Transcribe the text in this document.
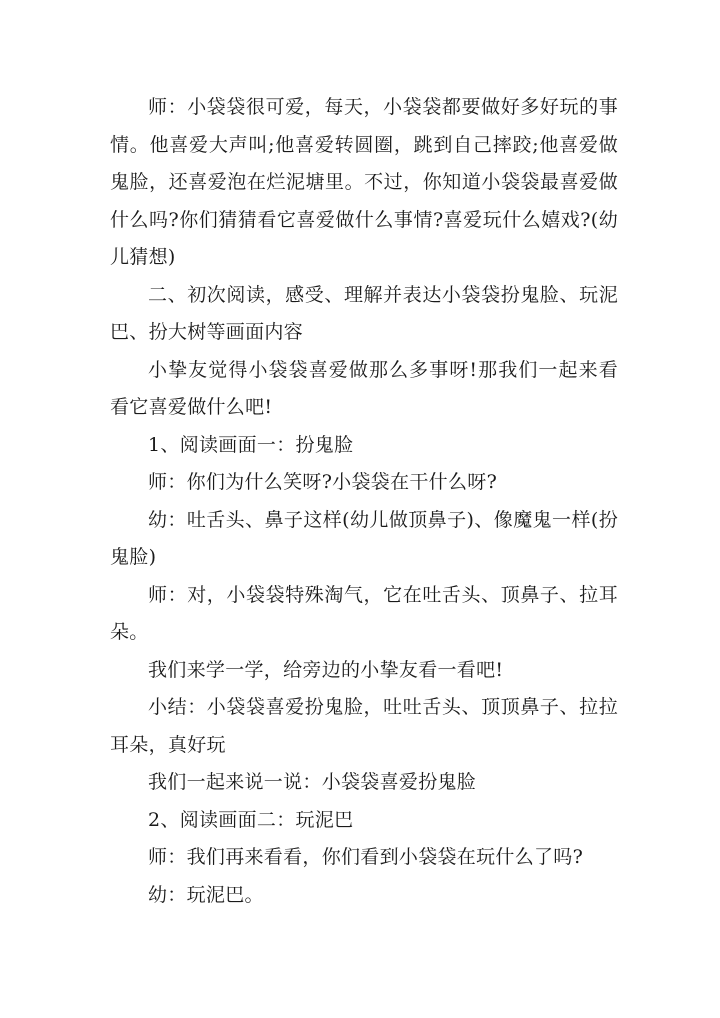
师：小袋袋很可爱，每天，小袋袋都要做好多好玩的事情。他喜爱大声叫;他喜爱转圆圈，跳到自己摔跤;他喜爱做鬼脸，还喜爱泡在烂泥塘里。不过，你知道小袋袋最喜爱做什么吗?你们猜猜看它喜爱做什么事情?喜爱玩什么嬉戏?(幼儿猜想)

二、初次阅读，感受、理解并表达小袋袋扮鬼脸、玩泥巴、扮大树等画面内容

小挚友觉得小袋袋喜爱做那么多事呀!那我们一起来看看它喜爱做什么吧!

1、阅读画面一：扮鬼脸

师：你们为什么笑呀?小袋袋在干什么呀?

幼：吐舌头、鼻子这样(幼儿做顶鼻子)、像魔鬼一样(扮鬼脸)

师：对，小袋袋特殊淘气，它在吐舌头、顶鼻子、拉耳朵。

我们来学一学，给旁边的小挚友看一看吧!

小结：小袋袋喜爱扮鬼脸，吐吐舌头、顶顶鼻子、拉拉耳朵，真好玩

我们一起来说一说：小袋袋喜爱扮鬼脸

2、阅读画面二：玩泥巴

师：我们再来看看，你们看到小袋袋在玩什么了吗?

幼：玩泥巴。
